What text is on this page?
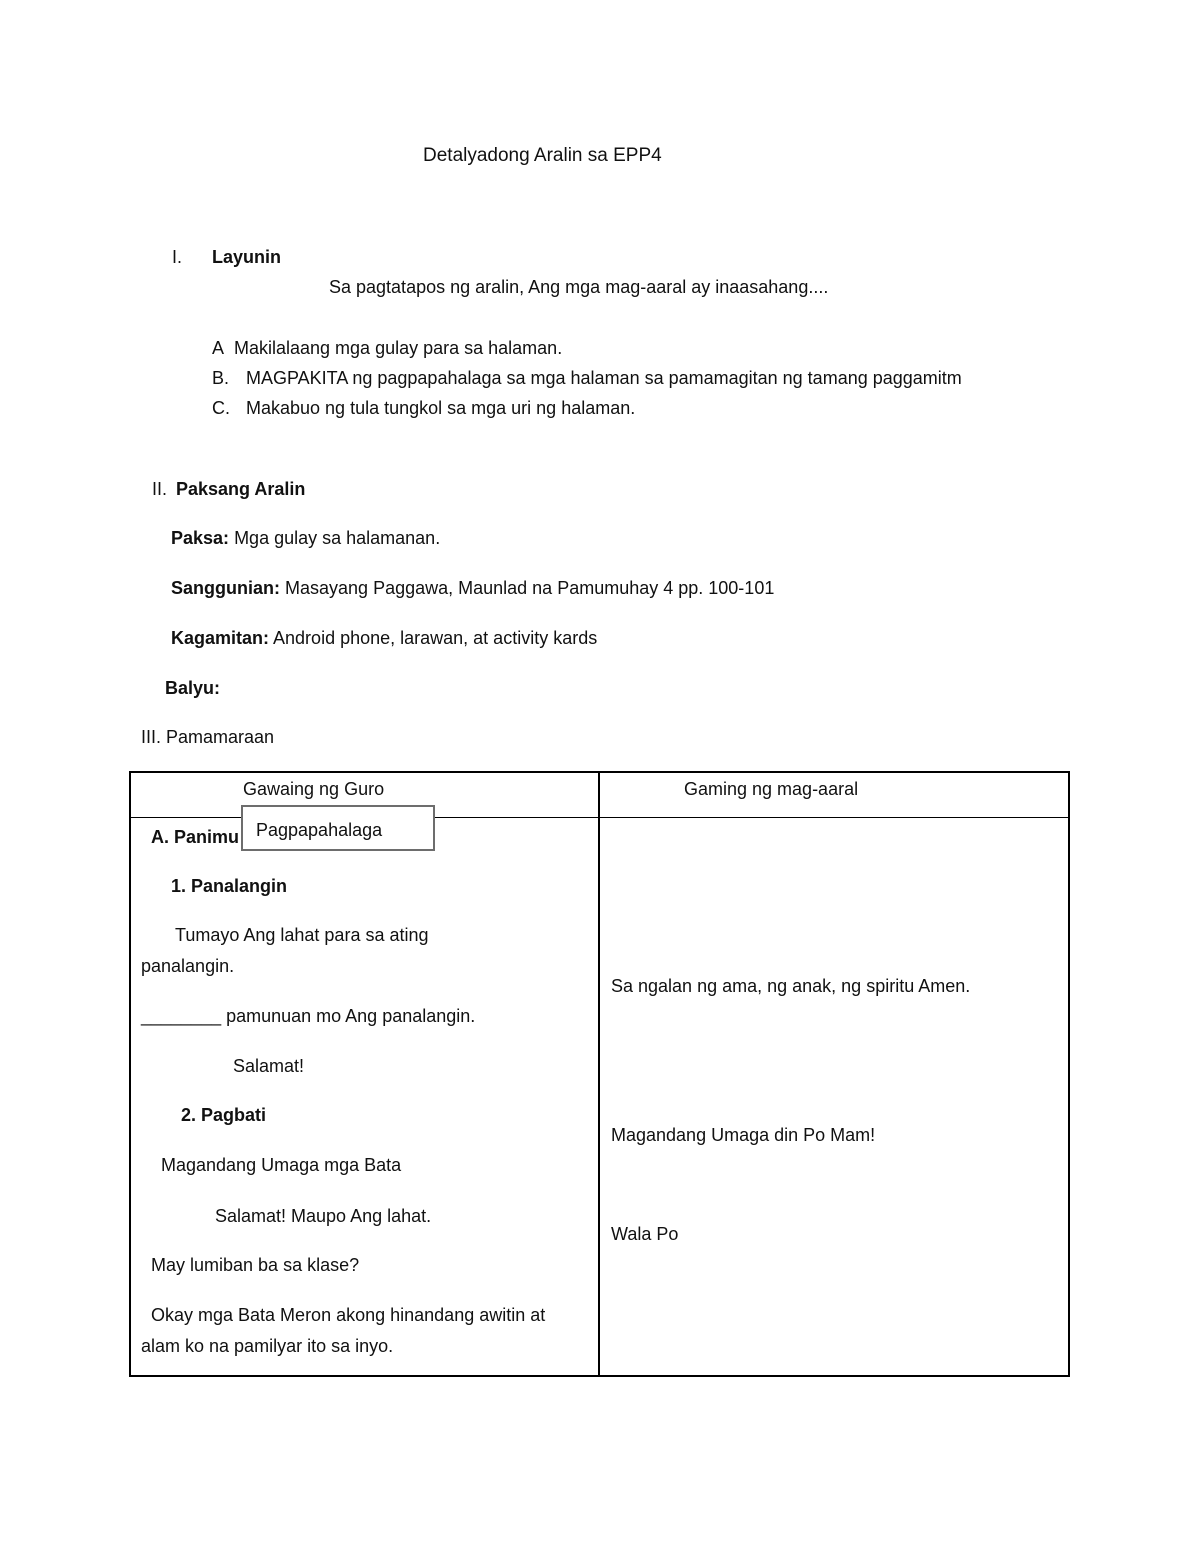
Detalyadong Aralin sa EPP4
I. Layunin
Sa pagtatapos ng aralin, Ang mga mag-aaral ay inaasahang....
A Makilalaang mga gulay para sa halaman.
B. MAGPAKITA ng pagpapahalaga sa mga halaman sa pamamagitan ng tamang paggamitm
C. Makabuo ng tula tungkol sa mga uri ng halaman.
II. Paksang Aralin
Paksa: Mga gulay sa halamanan.
Sanggunian: Masayang Paggawa, Maunlad na Pamumuhay 4 pp. 100-101
Kagamitan: Android phone, larawan, at activity kards
Balyu:
III. Pamamaraan
Gawaing ng Guro	Gaming ng mag-aaral
A. Panimu
1. Panalangin
Tumayo Ang lahat para sa ating
panalangin.
________ pamunuan mo Ang panalangin.
Salamat!
2. Pagbati
Magandang Umaga mga Bata
Salamat! Maupo Ang lahat.
May lumiban ba sa klase?
Okay mga Bata Meron akong hinandang awitin at
alam ko na pamilyar ito sa inyo.
Sa ngalan ng ama, ng anak, ng spiritu Amen.
Magandang Umaga din Po Mam!
Wala Po
Pagpapahalaga
